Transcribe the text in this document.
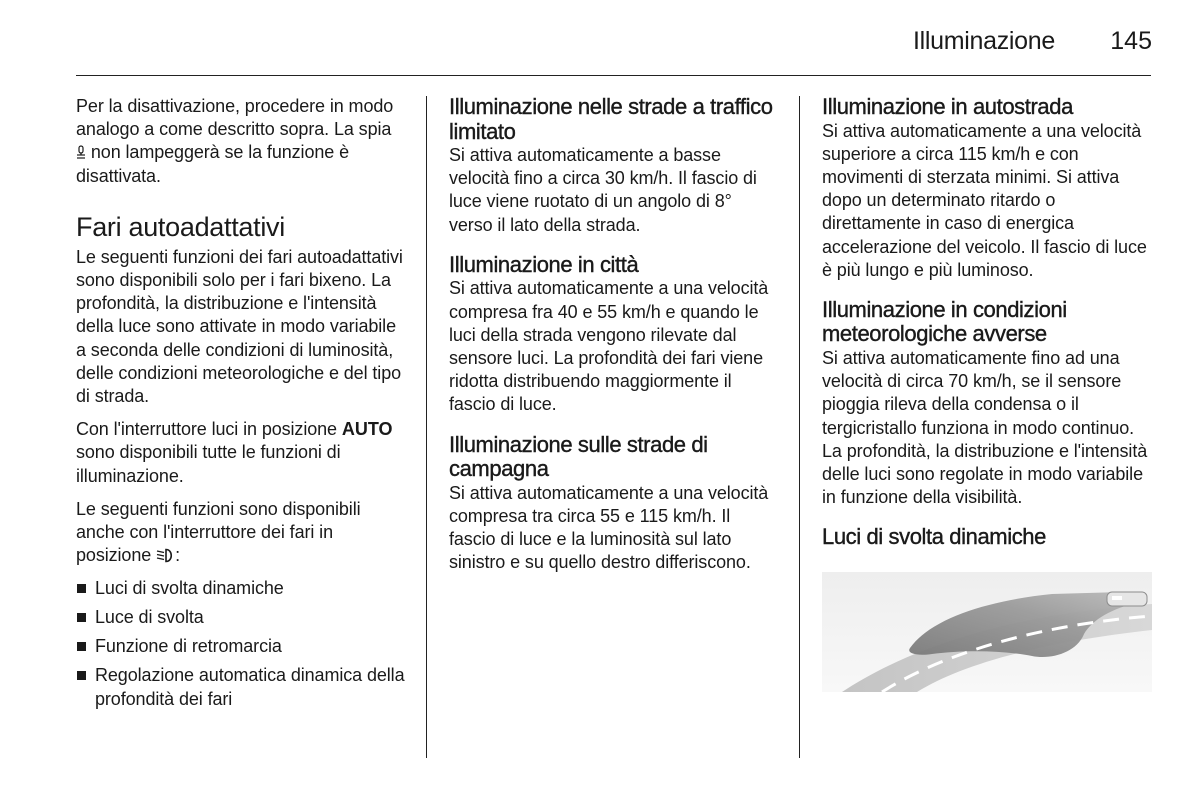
Illuminazione	145

Per la disattivazione, procedere in modo analogo a come descritto sopra. La spia  non lampeggerà se la funzione è disattivata.

Fari autoadattativi

Le seguenti funzioni dei fari autoadattativi sono disponibili solo per i fari bixeno. La profondità, la distribuzione e l'intensità della luce sono attivate in modo variabile a seconda delle condizioni di luminosità, delle condizioni meteorologiche e del tipo di strada.

Con l'interruttore luci in posizione AUTO sono disponibili tutte le funzioni di illuminazione.

Le seguenti funzioni sono disponibili anche con l'interruttore dei fari in posizione :

Luci di svolta dinamiche
Luce di svolta
Funzione di retromarcia
Regolazione automatica dinamica della profondità dei fari
Illuminazione nelle strade a traffico limitato

Si attiva automaticamente a basse velocità fino a circa 30 km/h. Il fascio di luce viene ruotato di un angolo di 8° verso il lato della strada.

Illuminazione in città

Si attiva automaticamente a una velocità compresa fra 40 e 55 km/h e quando le luci della strada vengono rilevate dal sensore luci. La profondità dei fari viene ridotta distribuendo maggiormente il fascio di luce.

Illuminazione sulle strade di campagna

Si attiva automaticamente a una velocità compresa tra circa 55 e 115 km/h. Il fascio di luce e la luminosità sul lato sinistro e su quello destro differiscono.

Illuminazione in autostrada

Si attiva automaticamente a una velocità superiore a circa 115 km/h e con movimenti di sterzata minimi. Si attiva dopo un determinato ritardo o direttamente in caso di energica accelerazione del veicolo. Il fascio di luce è più lungo e più luminoso.

Illuminazione in condizioni meteorologiche avverse

Si attiva automaticamente fino ad una velocità di circa 70 km/h, se il sensore pioggia rileva della condensa o il tergicristallo funziona in modo continuo. La profondità, la distribuzione e l'intensità delle luci sono regolate in modo variabile in funzione della visibilità.

Luci di svolta dinamiche
